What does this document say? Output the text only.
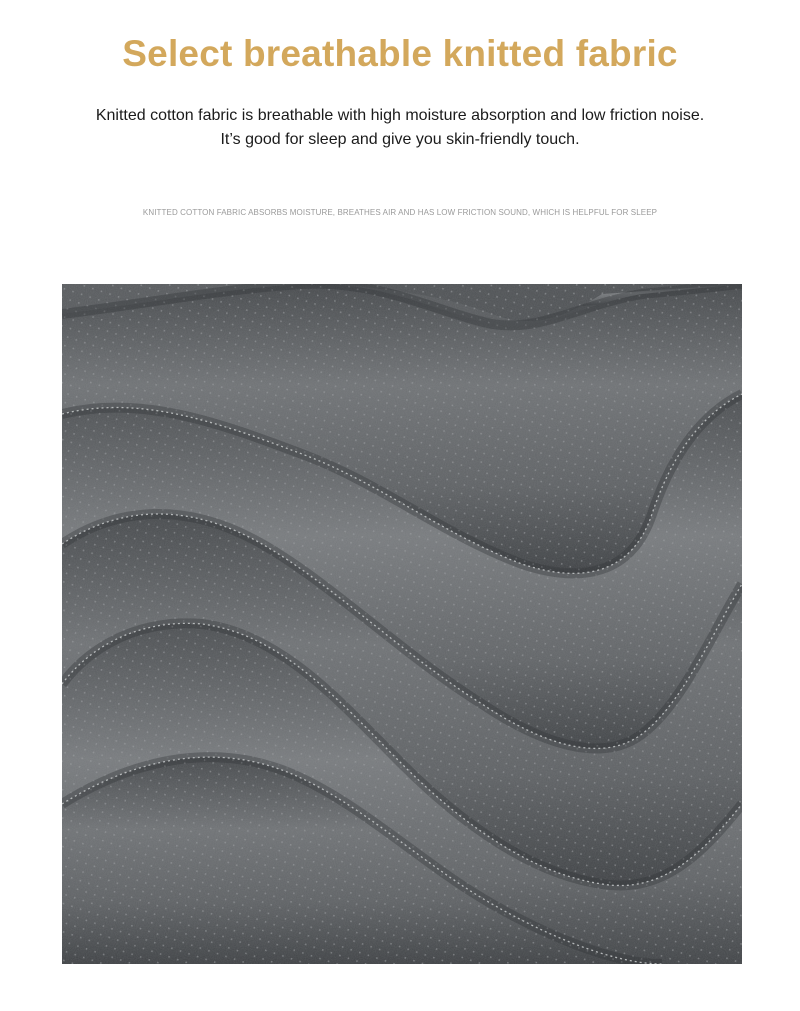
Select breathable knitted fabric
Knitted cotton fabric is breathable with high moisture absorption and low friction noise.
It’s good for sleep and give you skin-friendly touch.
KNITTED COTTON FABRIC ABSORBS MOISTURE, BREATHES AIR AND HAS LOW FRICTION SOUND, WHICH IS HELPFUL FOR SLEEP
